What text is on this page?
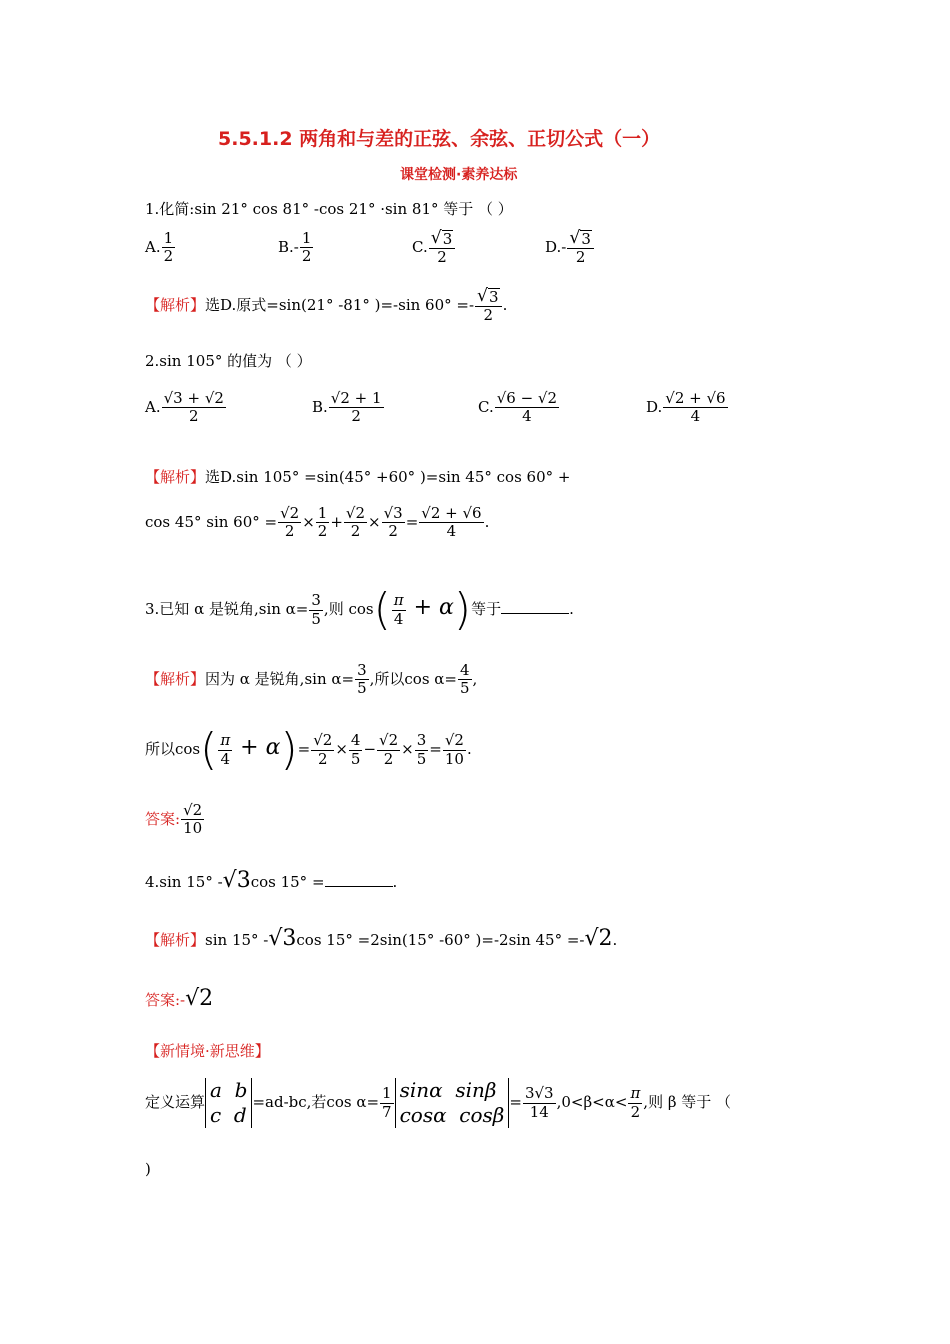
5.5.1.2 两角和与差的正弦、余弦、正切公式（一）
课堂检测·素养达标
1.化简:sin 21° cos 81° -cos 21° ·sin 81° 等于 （ ）
A. $\frac{1}{2}$	$B.- \frac{1}{2}$	C. $\frac{√ 3}{2}$	$D.- \frac{√ 3}{2}$
【解析】选D.原式=sin(21° -81° )=-sin $60^\circ =- \frac{√ 3}{2}$ .
2.sin 105° 的值为 （ ）
A. $\frac{√3 + √2}{2}$	B. $\frac{√2 + 1}{2}$	C. $\frac{√6 - √2}{4}$	D. $\frac{√2 + √6}{4}$
【解析】选D.sin 105° =sin(45° +60° )=sin 45° cos 60° +
cos 45° $\sin 60^\circ = \frac{√2}{2} \times \frac{1}{2} + \frac{√2}{2} \times \frac{√3}{2} = \frac{√2 + √6}{4}$ .
3.已知 α 是锐角,sin $\alpha= \frac{3}{5}$ ,则 $\cos( \frac{\pi}{4} + \alpha)$等于	.
【解析】因为 α 是锐角,sin $\alpha= \frac{3}{5}$ ,所以$\cos \alpha= \frac{4}{5}$ ,
所以$\cos( \frac{\pi}{4} + \alpha)= \frac{√2}{2} \times \frac{4}{5} - \frac{√2}{2} \times \frac{3}{5} = \frac{√2}{10}$ .
答案: $\frac{√2}{10}$
4.sin 15° -√3cos 15° =	.
【解析】sin 15° -√3cos 15° =2sin(15° -60° )=-2sin 45° =-√2.
答案:-√2
【新情境·新思维】
定义运算 a  b
c  d=ad-bc,若$\cos \alpha= \frac{1}{7}$ sinα  sinβ
cosα  $\cos\beta= \frac{3√3}{14} ,0<\beta<\alpha< \frac{\pi}{2}$ ,则 β 等于 （
)
